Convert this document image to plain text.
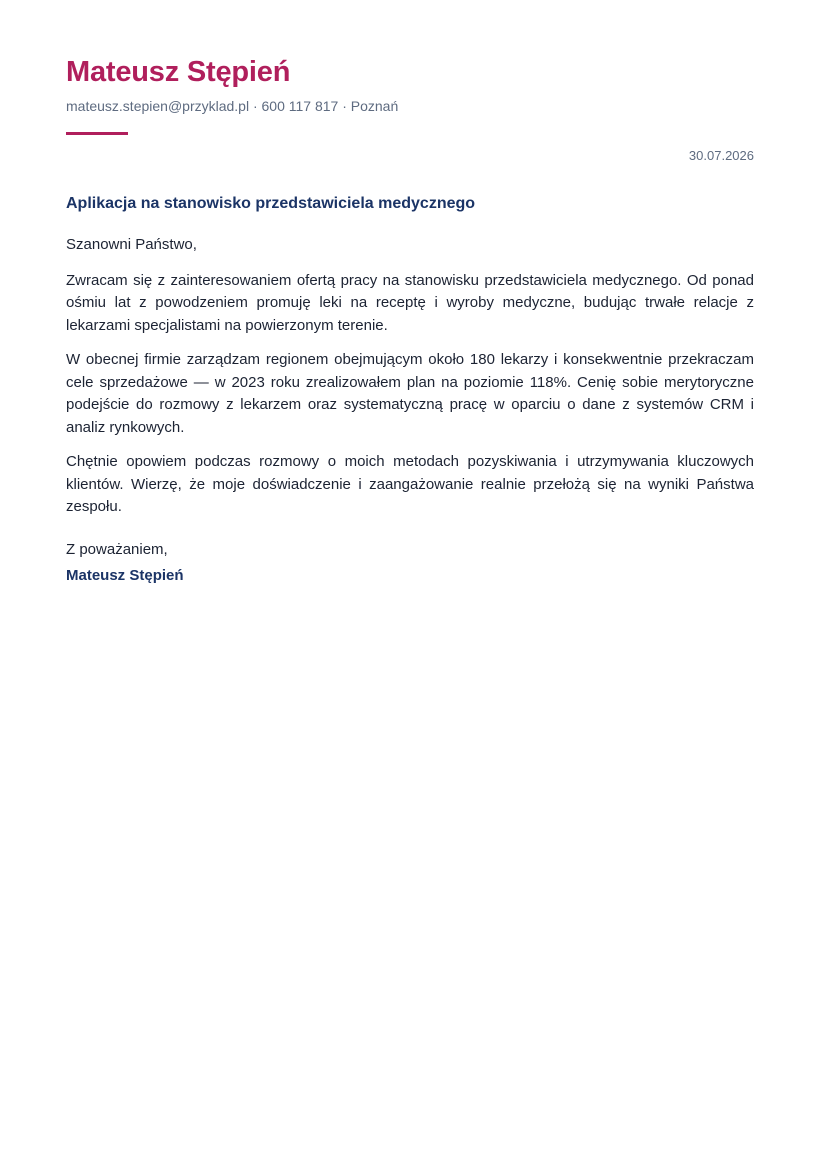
Mateusz Stępień
mateusz.stepien@przyklad.pl · 600 117 817 · Poznań
30.07.2026
Aplikacja na stanowisko przedstawiciela medycznego

Szanowni Państwo,

Zwracam się z zainteresowaniem ofertą pracy na stanowisku przedstawiciela medycznego. Od ponad ośmiu lat z powodzeniem promuję leki na receptę i wyroby medyczne, budując trwałe relacje z lekarzami specjalistami na powierzonym terenie.

W obecnej firmie zarządzam regionem obejmującym około 180 lekarzy i konsekwentnie przekraczam cele sprzedażowe — w 2023 roku zrealizowałem plan na poziomie 118%. Cenię sobie merytoryczne podejście do rozmowy z lekarzem oraz systematyczną pracę w oparciu o dane z systemów CRM i analiz rynkowych.

Chętnie opowiem podczas rozmowy o moich metodach pozyskiwania i utrzymywania kluczowych klientów. Wierzę, że moje doświadczenie i zaangażowanie realnie przełożą się na wyniki Państwa zespołu.

Z poważaniem,
Mateusz Stępień
